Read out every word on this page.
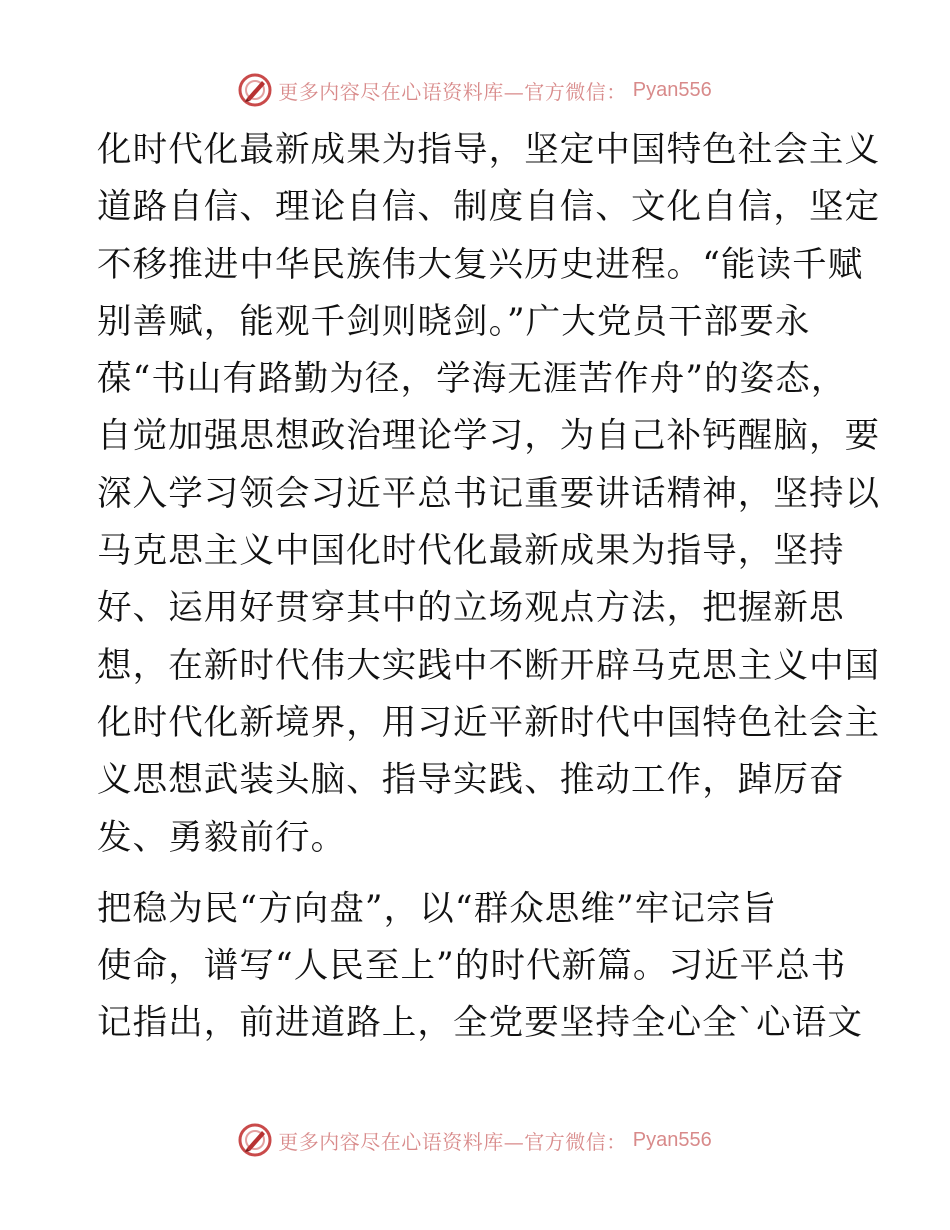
更多内容尽在心语资料库—官方微信： Pyan556
化时代化最新成果为指导，坚定中国特色社会主义
道路自信、理论自信、制度自信、文化自信，坚定
不移推进中华民族伟大复兴历史进程。“能读千赋
别善赋，能观千剑则晓剑。”广大党员干部要永
葆“书山有路勤为径，学海无涯苦作舟”的姿态，
自觉加强思想政治理论学习，为自己补钙醒脑，要
深入学习领会习近平总书记重要讲话精神，坚持以
马克思主义中国化时代化最新成果为指导，坚持
好、运用好贯穿其中的立场观点方法，把握新思
想，在新时代伟大实践中不断开辟马克思主义中国
化时代化新境界，用习近平新时代中国特色社会主
义思想武装头脑、指导实践、推动工作，踔厉奋
发、勇毅前行。
把稳为民“方向盘”，以“群众思维”牢记宗旨
使命，谱写“人民至上”的时代新篇。习近平总书
记指出，前进道路上，全党要坚持全心全`心语文
更多内容尽在心语资料库—官方微信： Pyan556
